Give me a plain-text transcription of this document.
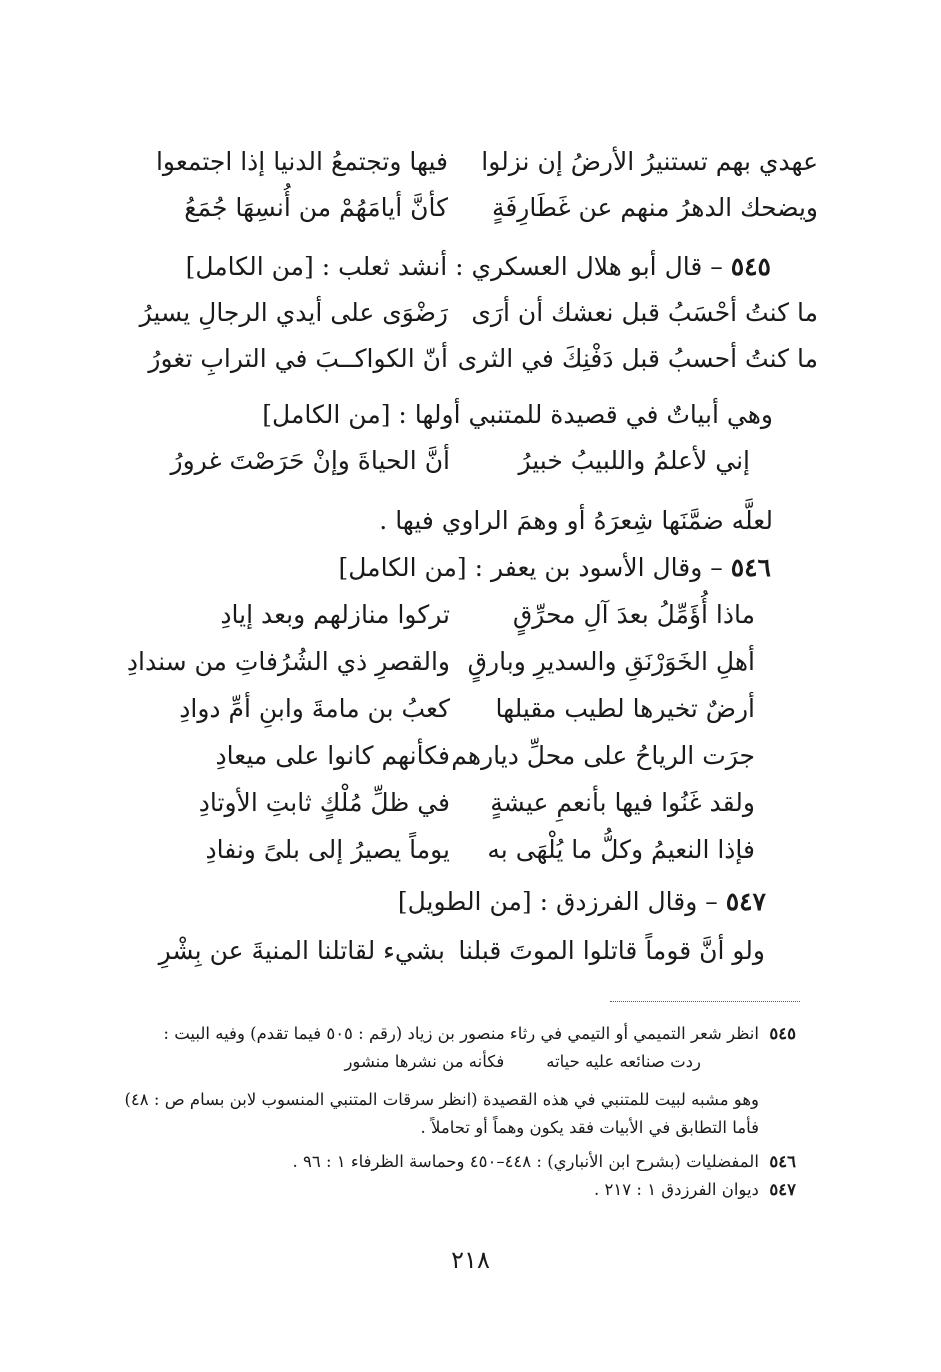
عهدي بهم تستنيرُ الأرضُ إن نزلوا
فيها وتجتمعُ الدنيا إذا اجتمعوا
ويضحك الدهرُ منهم عن غَطَارِفَةٍ
كأنَّ أيامَهُمْ من أُنسِهَا جُمَعُ
٥٤٥ – قال أبو هلال العسكري : أنشد ثعلب : [من الكامل]
ما كنتُ أحْسَبُ قبل نعشك أن أرَى
رَضْوَى على أيدي الرجالِ يسيرُ
ما كنتُ أحسبُ قبل دَفْنِكَ في الثرى
أنّ الكواكــبَ في الترابِ تغورُ
وهي أبياتٌ في قصيدة للمتنبي أولها : [من الكامل]
إني لأعلمُ واللبيبُ خبيرُ
أنَّ الحياةَ وإنْ حَرَصْتَ غرورُ
لعلَّه ضمَّنَها شِعرَهُ أو وهمَ الراوي فيها .
٥٤٦ – وقال الأسود بن يعفر : [من الكامل]
ماذا أُؤَمِّلُ بعدَ آلِ محرِّقٍ
تركوا منازلهم وبعد إيادِ
أهلِ الخَوَرْنَقِ والسديرِ وبارقٍ
والقصرِ ذي الشُرُفاتِ من سندادِ
أرضٌ تخيرها لطيب مقيلها
كعبُ بن مامةَ وابنِ أمِّ دوادِ
جرَت الرياحُ على محلِّ ديارهم
فكأنهم كانوا على ميعادِ
ولقد غَنُوا فيها بأنعمِ عيشةٍ
في ظلِّ مُلْكٍ ثابتِ الأوتادِ
فإذا النعيمُ وكلُّ ما يُلْهَى به
يوماً يصيرُ إلى بلىً ونفادِ
٥٤٧ – وقال الفرزدق : [من الطويل]
ولو أنَّ قوماً قاتلوا الموتَ قبلنا
بشيء لقاتلنا المنيةَ عن بِشْرِ
٥٤٥  انظر شعر التميمي أو التيمي في رثاء منصور بن زياد (رقم : ٥٠٥ فيما تقدم) وفيه البيت :
ردت صنائعه عليه حياته        فكأنه من نشرها منشور
وهو مشبه لبيت للمتنبي في هذه القصيدة (انظر سرقات المتنبي المنسوب لابن بسام ص : ٤٨)
فأما التطابق في الأبيات فقد يكون وهماً أو تحاملاً .
٥٤٦  المفضليات (بشرح ابن الأنباري) : ٤٤٨–٤٥٠ وحماسة الظرفاء ١ : ٩٦ .
٥٤٧  ديوان الفرزدق ١ : ٢١٧ .
٢١٨
